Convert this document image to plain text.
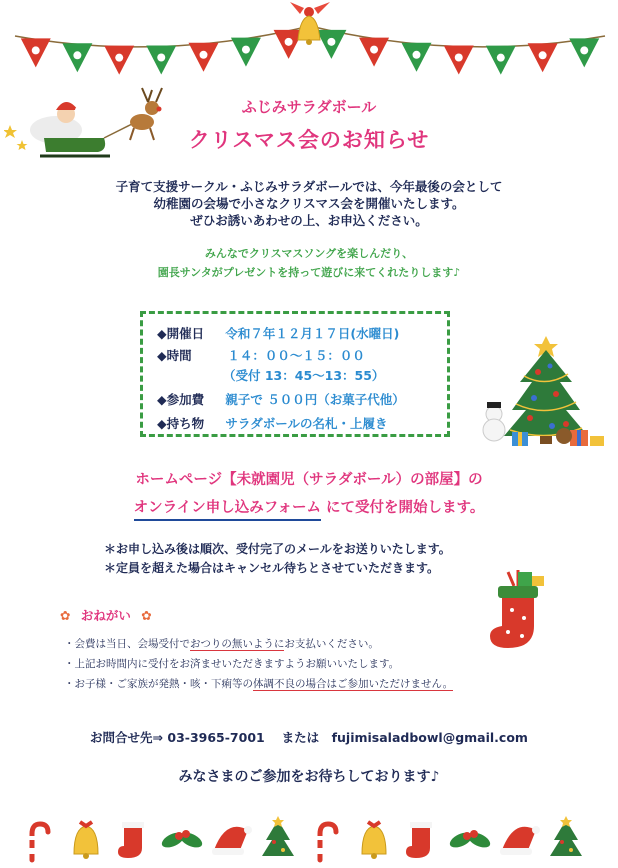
ふじみサラダボール
クリスマス会のお知らせ
子育て支援サークル・ふじみサラダボールでは、今年最後の会として
幼稚園の会場で小さなクリスマス会を開催いたします。
ぜひお誘いあわせの上、お申込ください。
みんなでクリスマスソングを楽しんだり、
園長サンタがプレゼントを持って遊びに来てくれたりします♪
◆開催日 令和７年１２月１７日(水曜日)
◆時間	１４：００～１５：００
（受付 13：45～13：55）
◆参加費 親子で ５００円（お菓子代他）
◆持ち物 サラダボールの名札・上履き
ホームページ【未就園児（サラダボール）の部屋】の
オンライン申し込みフォーム にて受付を開始します。
＊お申し込み後は順次、受付完了のメールをお送りいたします。
＊定員を超えた場合はキャンセル待ちとさせていただきます。
✿ おねがい ✿
・会費は当日、会場受付でおつりの無いようにお支払いください。
・上記お時間内に受付をお済ませいただきますようお願いいたします。
・お子様・ご家族が発熱・咳・下痢等の体調不良の場合はご参加いただけません。
お問合せ先⇒ 03-3965-7001　 または　fujimisaladbowl@gmail.com
みなさまのご参加をお待ちしております♪
